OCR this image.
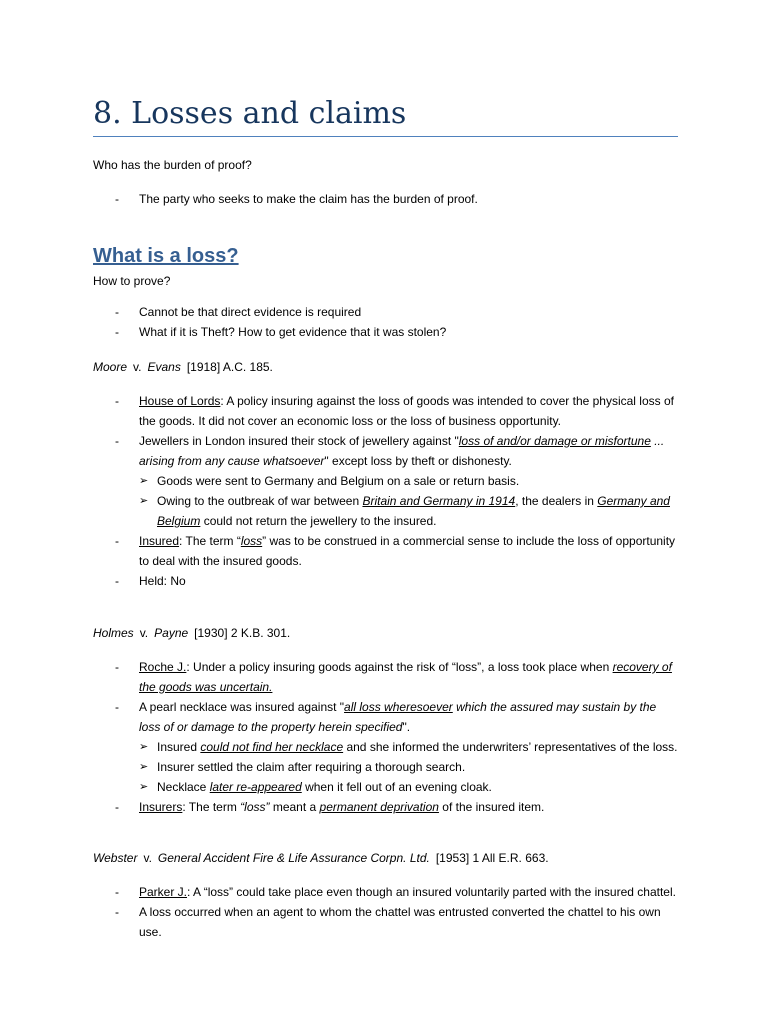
8. Losses and claims

Who has the burden of proof?

- The party who seeks to make the claim has the burden of proof.
What is a loss?

How to prove?

- Cannot be that direct evidence is required
- What if it is Theft? How to get evidence that it was stolen?

Moore v. Evans [1918] A.C. 185.

- House of Lords: A policy insuring against the loss of goods was intended to cover the physical loss of the goods. It did not cover an economic loss or the loss of business opportunity.
- Jewellers in London insured their stock of jewellery against "loss of and/or damage or misfortune ... arising from any cause whatsoever" except loss by theft or dishonesty.
➢ Goods were sent to Germany and Belgium on a sale or return basis.
➢ Owing to the outbreak of war between Britain and Germany in 1914, the dealers in Germany and Belgium could not return the jewellery to the insured.
- Insured: The term “loss” was to be construed in a commercial sense to include the loss of opportunity to deal with the insured goods.
- Held: No

Holmes v. Payne [1930] 2 K.B. 301.

- Roche J.: Under a policy insuring goods against the risk of “loss”, a loss took place when recovery of the goods was uncertain.
- A pearl necklace was insured against "all loss wheresoever which the assured may sustain by the loss of or damage to the property herein specified".
➢ Insured could not find her necklace and she informed the underwriters’ representatives of the loss.
➢ Insurer settled the claim after requiring a thorough search.
➢ Necklace later re-appeared when it fell out of an evening cloak.
- Insurers: The term “loss” meant a permanent deprivation of the insured item.

Webster v. General Accident Fire & Life Assurance Corpn. Ltd. [1953] 1 All E.R. 663.

- Parker J.: A “loss” could take place even though an insured voluntarily parted with the insured chattel.
- A loss occurred when an agent to whom the chattel was entrusted converted the chattel to his own use.
